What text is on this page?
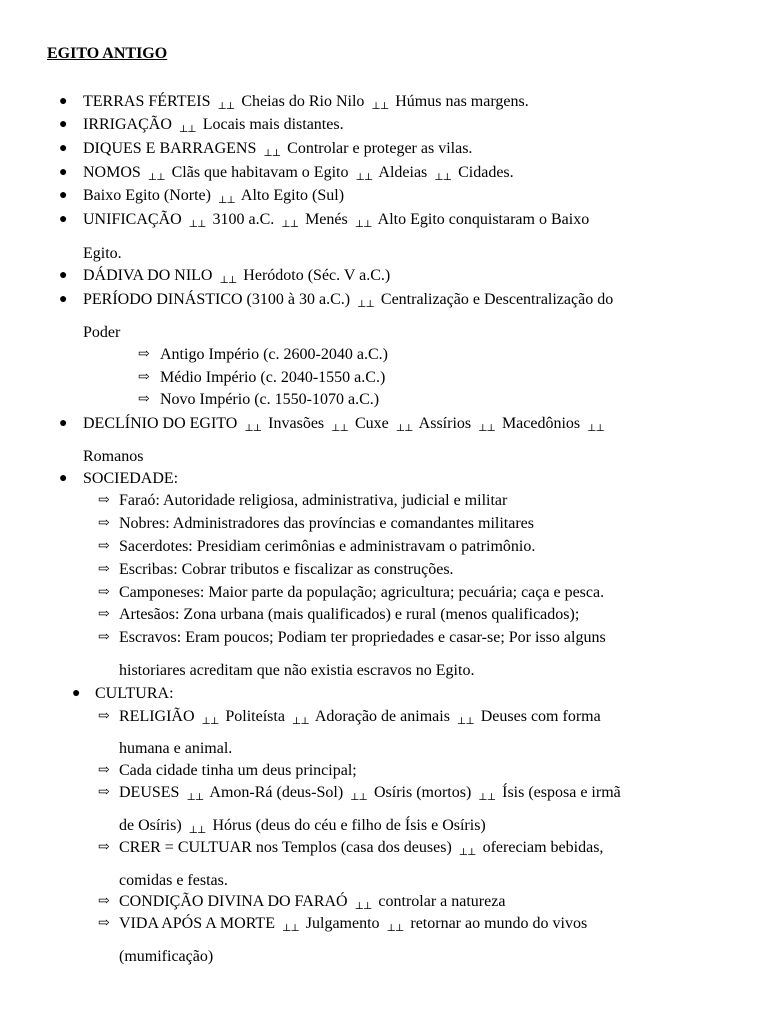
EGITO ANTIGO
● TERRAS FÉRTEIS ⊥⊥ Cheias do Rio Nilo ⊥⊥ Húmus nas margens.
● IRRIGAÇÃO ⊥⊥ Locais mais distantes.
● DIQUES E BARRAGENS ⊥⊥ Controlar e proteger as vilas.
● NOMOS ⊥⊥ Clãs que habitavam o Egito ⊥⊥ Aldeias ⊥⊥ Cidades.
● Baixo Egito (Norte) ⊥⊥ Alto Egito (Sul)
● UNIFICAÇÃO ⊥⊥ 3100 a.C. ⊥⊥ Menés ⊥⊥ Alto Egito conquistaram o Baixo
Egito.
● DÁDIVA DO NILO ⊥⊥ Heródoto (Séc. V a.C.)
● PERÍODO DINÁSTICO (3100 à 30 a.C.) ⊥⊥ Centralização e Descentralização do
Poder
⇨ Antigo Império (c. 2600-2040 a.C.)
⇨ Médio Império (c. 2040-1550 a.C.)
⇨ Novo Império (c. 1550-1070 a.C.)
● DECLÍNIO DO EGITO ⊥⊥ Invasões ⊥⊥ Cuxe ⊥⊥ Assírios ⊥⊥ Macedônios ⊥⊥
Romanos
● SOCIEDADE:
⇨ Faraó: Autoridade religiosa, administrativa, judicial e militar
⇨ Nobres: Administradores das províncias e comandantes militares
⇨ Sacerdotes: Presidiam cerimônias e administravam o patrimônio.
⇨ Escribas: Cobrar tributos e fiscalizar as construções.
⇨ Camponeses: Maior parte da população; agricultura; pecuária; caça e pesca.
⇨ Artesãos: Zona urbana (mais qualificados) e rural (menos qualificados);
⇨ Escravos: Eram poucos; Podiam ter propriedades e casar-se; Por isso alguns
historiares acreditam que não existia escravos no Egito.
● CULTURA:
⇨ RELIGIÃO ⊥⊥ Politeísta ⊥⊥ Adoração de animais ⊥⊥ Deuses com forma
humana e animal.
⇨ Cada cidade tinha um deus principal;
⇨ DEUSES ⊥⊥ Amon-Rá (deus-Sol) ⊥⊥ Osíris (mortos) ⊥⊥ Ísis (esposa e irmã
de Osíris) ⊥⊥ Hórus (deus do céu e filho de Ísis e Osíris)
⇨ CRER = CULTUAR nos Templos (casa dos deuses) ⊥⊥ ofereciam bebidas,
comidas e festas.
⇨ CONDIÇÃO DIVINA DO FARAÓ ⊥⊥ controlar a natureza
⇨ VIDA APÓS A MORTE ⊥⊥ Julgamento ⊥⊥ retornar ao mundo do vivos
(mumificação)
